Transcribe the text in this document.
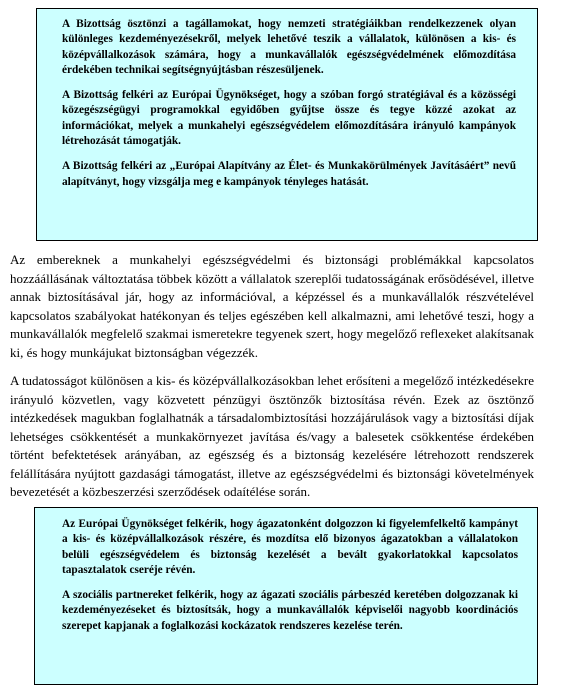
A Bizottság ösztönzi a tagállamokat, hogy nemzeti stratégiáikban rendelkezzenek olyan különleges kezdeményezésekről, melyek lehetővé teszik a vállalatok, különösen a kis- és középvállalkozások számára, hogy a munkavállalók egészségvédelmének előmozdítása érdekében technikai segítségnyújtásban részesüljenek.

A Bizottság felkéri az Európai Ügynökséget, hogy a szóban forgó stratégiával és a közösségi közegészségügyi programokkal egyidőben gyűjtse össze és tegye közzé azokat az információkat, melyek a munkahelyi egészségvédelem előmozdítására irányuló kampányok létrehozását támogatják.

A Bizottság felkéri az „Európai Alapítvány az Élet- és Munkakörülmények Javításáért” nevű alapítványt, hogy vizsgálja meg e kampányok tényleges hatását.

Az embereknek a munkahelyi egészségvédelmi és biztonsági problémákkal kapcsolatos hozzáállásának változtatása többek között a vállalatok szereplői tudatosságának erősödésével, illetve annak biztosításával jár, hogy az információval, a képzéssel és a munkavállalók részvételével kapcsolatos szabályokat hatékonyan és teljes egészében kell alkalmazni, ami lehetővé teszi, hogy a munkavállalók megfelelő szakmai ismeretekre tegyenek szert, hogy megelőző reflexeket alakítsanak ki, és hogy munkájukat biztonságban végezzék.

A tudatosságot különösen a kis- és középvállalkozásokban lehet erősíteni a megelőző intézkedésekre irányuló közvetlen, vagy közvetett pénzügyi ösztönzők biztosítása révén. Ezek az ösztönző intézkedések magukban foglalhatnák a társadalombiztosítási hozzájárulások vagy a biztosítási díjak lehetséges csökkentését a munkakörnyezet javítása és/vagy a balesetek csökkentése érdekében történt befektetések arányában, az egészség és a biztonság kezelésére létrehozott rendszerek felállítására nyújtott gazdasági támogatást, illetve az egészségvédelmi és biztonsági követelmények bevezetését a közbeszerzési szerződések odaítélése során.

Az Európai Ügynökséget felkérik, hogy ágazatonként dolgozzon ki figyelemfelkeltő kampányt a kis- és középvállalkozások részére, és mozdítsa elő bizonyos ágazatokban a vállalatokon belüli egészségvédelem és biztonság kezelését a bevált gyakorlatokkal kapcsolatos tapasztalatok cseréje révén.

A szociális partnereket felkérik, hogy az ágazati szociális párbeszéd keretében dolgozzanak ki kezdeményezéseket és biztosítsák, hogy a munkavállalók képviselői nagyobb koordinációs szerepet kapjanak a foglalkozási kockázatok rendszeres kezelése terén.
